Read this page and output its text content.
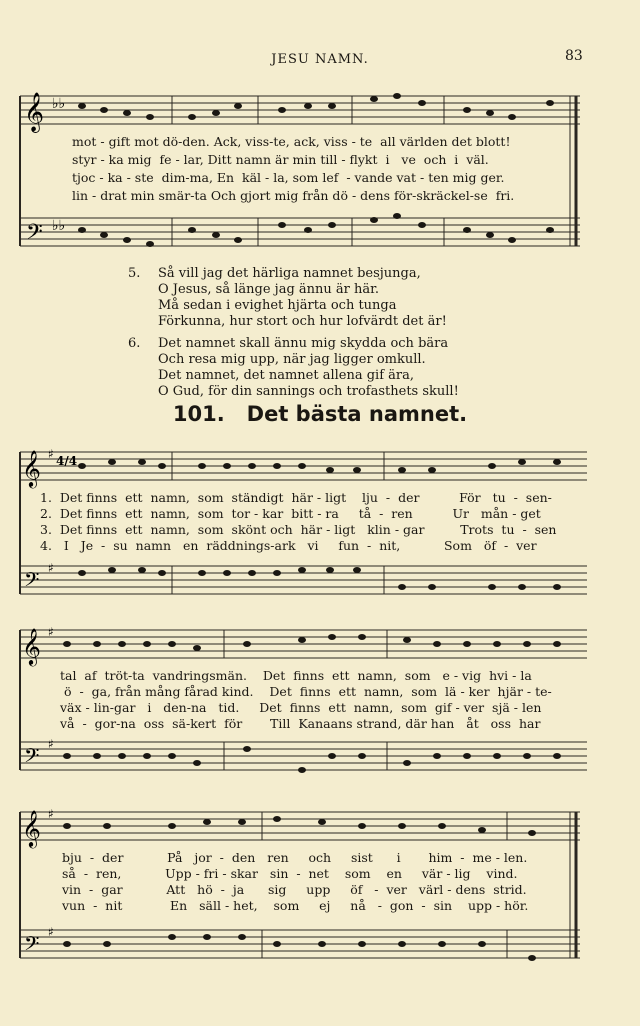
JESU NAMN.	83
𝄞
𝄢
♭♭
♭♭
mot - gift mot dö-den. Ack, viss-te, ack, viss - te  all världen det blott!
styr - ka mig  fe - lar, Ditt namn är min till - flykt  i   ve  och  i  väl.
tjoc - ka - ste  dim-ma, En  käl - la, som lef  - vande vat - ten mig ger.
lin - drat min smär-ta Och gjort mig från dö - dens för-skräckel-se  fri.
5. Så vill jag det härliga namnet besjunga,
O Jesus, så länge jag ännu är här.
Må sedan i evighet hjärta och tunga
Förkunna, hur stort och hur lofvärdt det är!
6. Det namnet skall ännu mig skydda och bära
Och resa mig upp, när jag ligger omkull.
Det namnet, det namnet allena gif ära,
O Gud, för din sannings och trofasthets skull!
101. Det bästa namnet.
𝄞
𝄢
♯
♯
4/4
1.  Det finns  ett  namn,  som  ständigt  här - ligt    lju  -  der          För   tu  -  sen-
2.  Det finns  ett  namn,  som  tor - kar  bitt - ra     tå  -  ren          Ur   mån - get
3.  Det finns  ett  namn,  som  skönt och  här - ligt   klin - gar         Trots  tu  -  sen
4.   I   Je  -  su  namn   en  räddnings-ark   vi     fun  -  nit,           Som   öf  -  ver
𝄞
𝄢
♯
♯
tal  af  tröt-ta  vandringsmän.    Det  finns  ett  namn,  som   e - vig  hvi - la
ö  -  ga, från mång fårad kind.    Det  finns  ett  namn,  som  lä - ker  hjär - te-
väx - lin-gar   i   den-na   tid.     Det  finns  ett  namn,  som  gif - ver  sjä - len
vå  -  gor-na  oss  sä-kert  för       Till  Kanaans strand, där han   åt   oss  har
𝄞
𝄢
♯
♯
bju  -  der           På   jor  -  den   ren     och     sist      i       him  -  me - len.
så  -  ren,           Upp - fri - skar   sin  -  net    som    en     vär - lig    vind.
vin  -  gar           Att   hö  -  ja      sig     upp     öf   -  ver   värl - dens  strid.
vun  -  nit            En   säll - het,    som     ej     nå   -  gon  -  sin    upp - hör.
